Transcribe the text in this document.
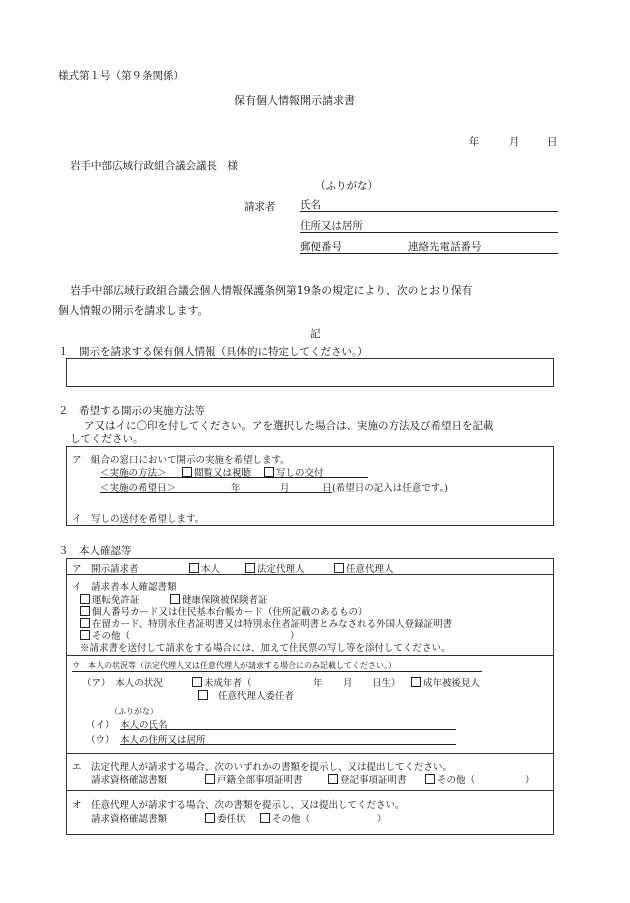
様式第１号（第９条関係）
保有個人情報開示請求書
年	月	日
岩手中部広域行政組合議会議長　様
（ふりがな）
請求者 氏名
住所又は居所
郵便番号	連絡先電話番号
岩手中部広域行政組合議会個人情報保護条例第19条の規定により、次のとおり保有
個人情報の開示を請求します。
記
１　開示を請求する保有個人情報（具体的に特定してください。）
２　希望する開示の実施方法等
ア又はイに〇印を付してください。アを選択した場合は、実施の方法及び希望日を記載
してください。
ア　組合の窓口において開示の実施を希望します。
＜実施の方法＞	閲覧又は視聴	写しの交付
＜実施の希望日＞	年	月	日 (希望日の記入は任意です。)
イ　写しの送付を希望します。
３　本人確認等
ア　開示請求者	本人	法定代理人	任意代理人
イ　請求者本人確認書類
運転免許証	健康保険被保険者証
個人番号カード又は住民基本台帳カード（住所記載のあるもの）
在留カード、特別永住者証明書又は特別永住者証明書とみなされる外国人登録証明書
その他（	）
※請求書を送付して請求をする場合には、加えて住民票の写し等を添付してください。
ウ　本人の状況等（法定代理人又は任意代理人が請求する場合にのみ記載してください。）
（ア）　本人の状況	未成年者（	年 月 日生）	成年被後見人
任意代理人委任者
（ふりがな）
（イ） 本人の氏名
（ウ） 本人の住所又は居所
エ　法定代理人が請求する場合、次のいずれかの書類を提示し、又は提出してください。
請求資格確認書類	戸籍全部事項証明書	登記事項証明書	その他（	）
オ　任意代理人が請求する場合、次の書類を提示し、又は提出してください。
請求資格確認書類	委任状	その他（	）
